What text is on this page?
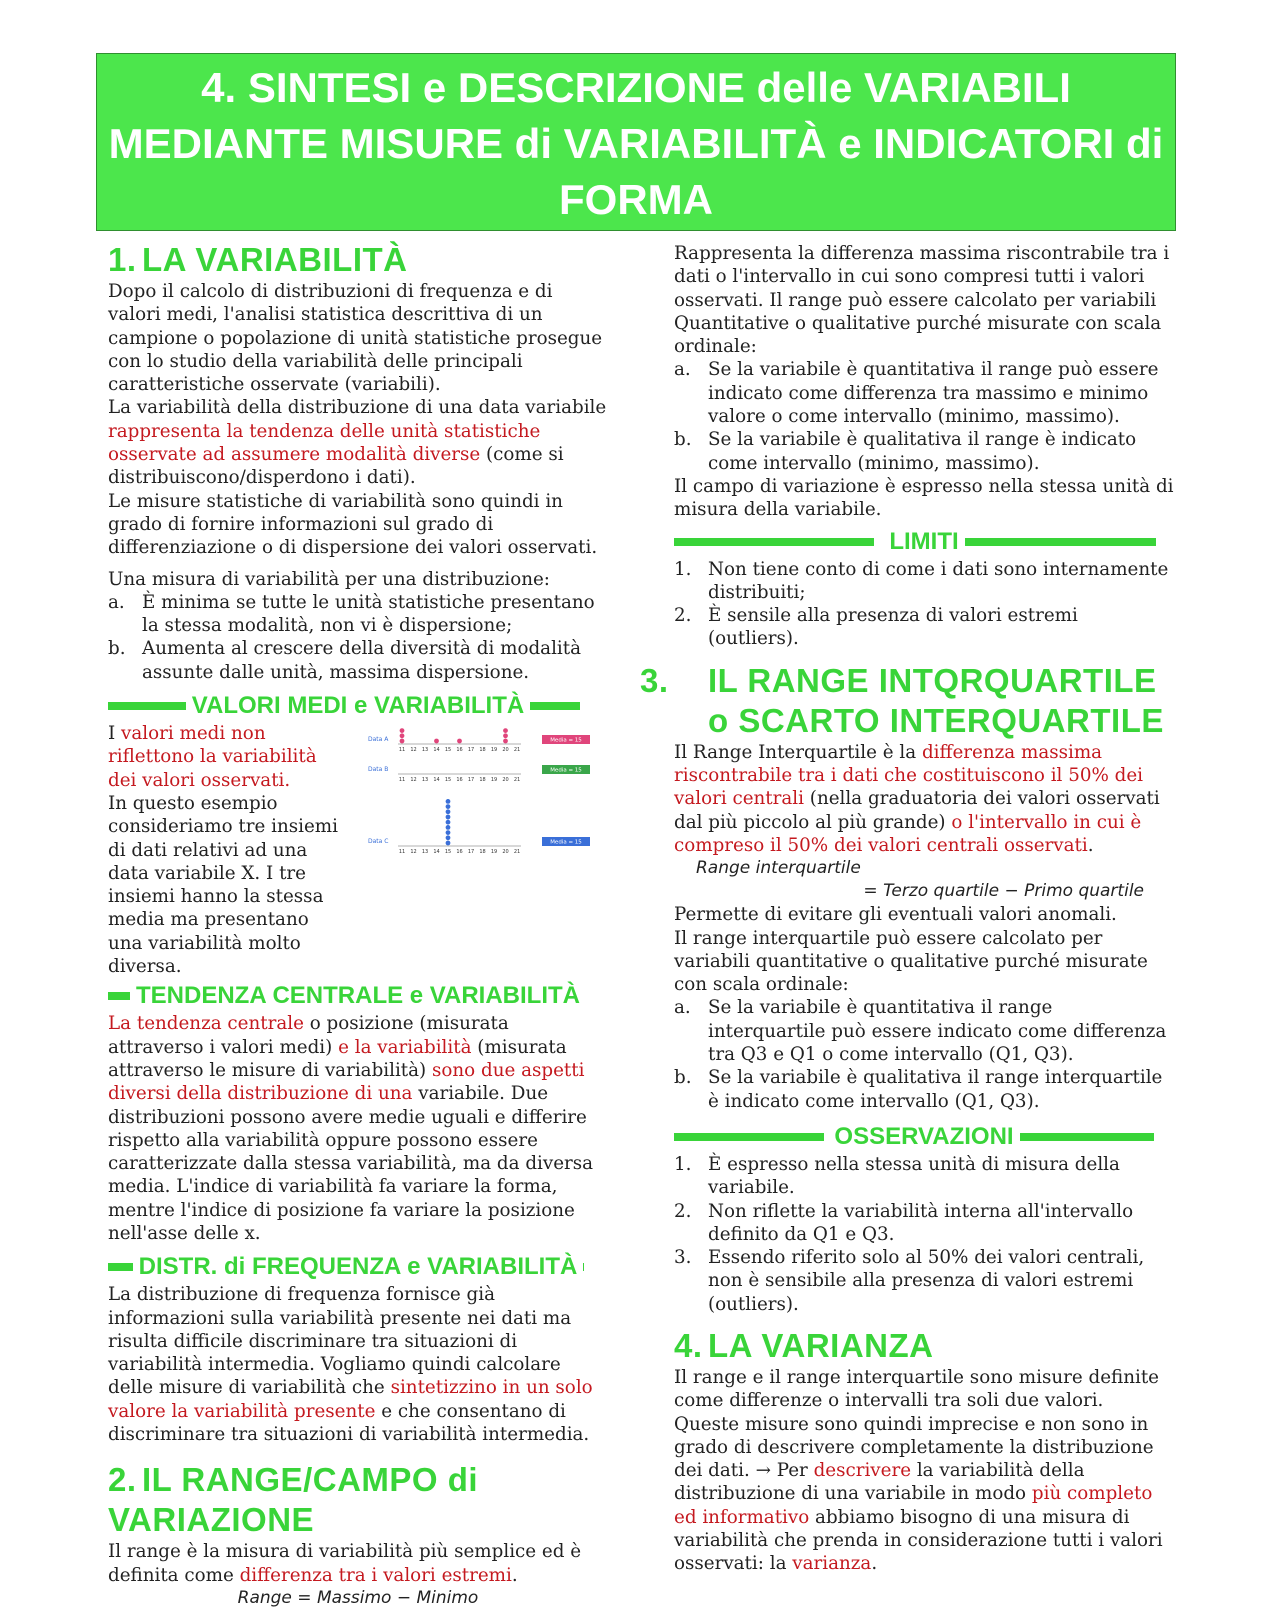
4. SINTESI e DESCRIZIONE delle VARIABILI MEDIANTE MISURE di VARIABILITÀ e INDICATORI di FORMA
1. LA VARIABILITÀ

Dopo il calcolo di distribuzioni di frequenza e di valori medi, l'analisi statistica descrittiva di un campione o popolazione di unità statistiche prosegue con lo studio della variabilità delle principali caratteristiche osservate (variabili).

La variabilità della distribuzione di una data variabile rappresenta la tendenza delle unità statistiche osservate ad assumere modalità diverse (come si distribuiscono/disperdono i dati).

Le misure statistiche di variabilità sono quindi in grado di fornire informazioni sul grado di differenziazione o di dispersione dei valori osservati.

Una misura di variabilità per una distribuzione:

a. È minima se tutte le unità statistiche presentano la stessa modalità, non vi è dispersione;
b. Aumenta al crescere della diversità di modalità assunte dalle unità, massima dispersione.
VALORI MEDI e VARIABILITÀ

I valori medi non riflettono la variabilità dei valori osservati.

Data A
11 12 13 14 15 16 17 18 19 20 21
Media = 15
Data B
11 12 13 14 15 16 17 18 19 20 21
Media = 15
Data C
11 12 13 14 15 16 17 18 19 20 21
Media = 15

In questo esempio consideriamo tre insiemi di dati relativi ad una data variabile X. I tre insiemi hanno la stessa media ma presentano una variabilità molto diversa.

TENDENZA CENTRALE e VARIABILITÀ

La tendenza centrale o posizione (misurata attraverso i valori medi) e la variabilità (misurata attraverso le misure di variabilità) sono due aspetti diversi della distribuzione di una variabile. Due distribuzioni possono avere medie uguali e differire rispetto alla variabilità oppure possono essere caratterizzate dalla stessa variabilità, ma da diversa media. L'indice di variabilità fa variare la forma, mentre l'indice di posizione fa variare la posizione nell'asse delle x.

DISTR. di FREQUENZA e VARIABILITÀ

La distribuzione di frequenza fornisce già informazioni sulla variabilità presente nei dati ma risulta difficile discriminare tra situazioni di variabilità intermedia. Vogliamo quindi calcolare delle misure di variabilità che sintetizzino in un solo valore la variabilità presente e che consentano di discriminare tra situazioni di variabilità intermedia.

2. IL RANGE/CAMPO di VARIAZIONE

Il range è la misura di variabilità più semplice ed è definita come differenza tra i valori estremi.

Range = Massimo − Minimo

Rappresenta la differenza massima riscontrabile tra i dati o l'intervallo in cui sono compresi tutti i valori osservati. Il range può essere calcolato per variabili Quantitative o qualitative purché misurate con scala ordinale:

a. Se la variabile è quantitativa il range può essere indicato come differenza tra massimo e minimo valore o come intervallo (minimo, massimo).
b. Se la variabile è qualitativa il range è indicato come intervallo (minimo, massimo).

Il campo di variazione è espresso nella stessa unità di misura della variabile.

LIMITI
1. Non tiene conto di come i dati sono internamente distribuiti;
2. È sensile alla presenza di valori estremi (outliers).
3. IL RANGE INTQRQUARTILE o SCARTO INTERQUARTILE

Il Range Interquartile è la differenza massima riscontrabile tra i dati che costituiscono il 50% dei valori centrali (nella graduatoria dei valori osservati dal più piccolo al più grande) o l'intervallo in cui è compreso il 50% dei valori centrali osservati.

Range interquartile
= Terzo quartile − Primo quartile

Permette di evitare gli eventuali valori anomali.

Il range interquartile può essere calcolato per variabili quantitative o qualitative purché misurate con scala ordinale:

a. Se la variabile è quantitativa il range interquartile può essere indicato come differenza tra Q3 e Q1 o come intervallo (Q1, Q3).
b. Se la variabile è qualitativa il range interquartile è indicato come intervallo (Q1, Q3).
OSSERVAZIONI
1. È espresso nella stessa unità di misura della variabile.
2. Non riflette la variabilità interna all'intervallo definito da Q1 e Q3.
3. Essendo riferito solo al 50% dei valori centrali, non è sensibile alla presenza di valori estremi (outliers).
4. LA VARIANZA

Il range e il range interquartile sono misure definite come differenze o intervalli tra soli due valori. Queste misure sono quindi imprecise e non sono in grado di descrivere completamente la distribuzione dei dati. → Per descrivere la variabilità della distribuzione di una variabile in modo più completo ed informativo abbiamo bisogno di una misura di variabilità che prenda in considerazione tutti i valori osservati: la varianza.
